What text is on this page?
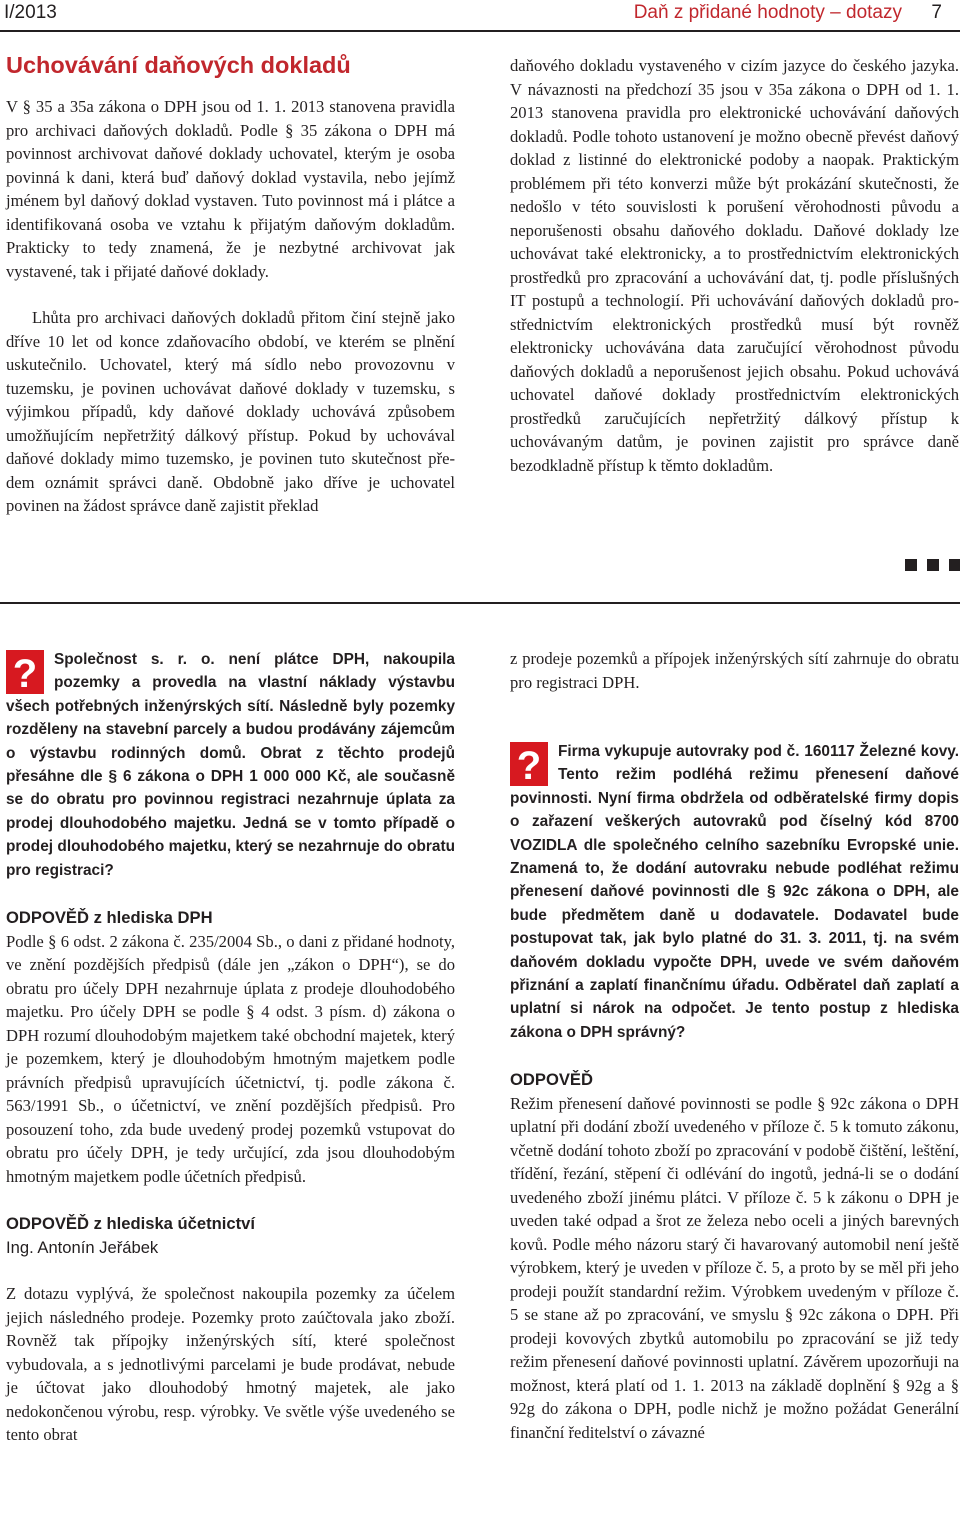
I/2013	Daň z přidané hodnoty – dotazy 7
Uchovávání daňových dokladů

V § 35 a 35a zákona o DPH jsou od 1. 1. 2013 stanovena pravidla pro archivaci daňových dokladů. Podle § 35 zákona o DPH má povinnost archivovat daňové doklady uchovatel, kterým je osoba povinná k dani, která buď daňový doklad vystavila, nebo jejímž jménem byl daňový doklad vystaven. Tuto povinnost má i plátce a identifikovaná osoba ve vztahu k přijatým daňovým dokladům. Prakticky to tedy znamená, že je nezbytné archivovat jak vystavené, tak i přijaté daňové doklady.

Lhůta pro archivaci daňových dokladů přitom činí stejně jako dříve 10 let od konce zdaňovacího období, ve kterém se plnění uskutečnilo. Uchovatel, který má sídlo nebo provozovnu v tuzemsku, je povinen uchovávat daňové doklady v tuzemsku, s výjimkou případů, kdy daňové doklady uchovává způsobem umožňujícím nepřetržitý dálkový přístup. Pokud by uchovával daňové doklady mimo tuzemsko, je povinen tuto skutečnost předem oznámit správci daně. Obdobně jako dříve je uchovatel povinen na žádost správce daně zajistit překlad

daňového dokladu vystaveného v cizím jazyce do českého jazyka. V návaznosti na předchozí 35 jsou v 35a zákona o DPH od 1. 1. 2013 stanovena pravidla pro elektronické uchovávání daňových dokladů. Podle tohoto ustanovení je možno obecně převést daňový doklad z listinné do elektronické podoby a naopak. Praktickým problémem při této konverzi může být prokázání skutečnosti, že nedošlo v této souvislosti k porušení věrohodnosti původu a neporušenosti obsahu daňového dokladu. Daňové doklady lze uchovávat také elektronicky, a to prostřednictvím elektronických prostředků pro zpracování a uchovávání dat, tj. podle příslušných IT postupů a technologií. Při uchovávání daňových dokladů prostřednictvím elektronických prostředků musí být rovněž elektronicky uchovávána data zaručující věrohodnost původu daňových dokladů a neporušenost jejich obsahu. Pokud uchovává uchovatel daňové doklady prostřednictvím elektronických prostředků zaručujících nepřetržitý dálkový přístup k uchovávaným datům, je povinen zajistit pro správce daně bezodkladně přístup k těmto dokladům.

? Společnost s. r. o. není plátce DPH, nakoupila pozemky a provedla na vlastní náklady výstavbu všech potřebných inženýrských sítí. Následně byly pozemky rozděleny na stavební parcely a budou prodávány zájemcům o výstavbu rodinných domů. Obrat z těchto prodejů přesáhne dle § 6 zákona o DPH 1 000 000 Kč, ale současně se do obratu pro povinnou registraci nezahrnuje úplata za prodej dlouhodobého majetku. Jedná se v tomto případě o prodej dlouhodobého majetku, který se nezahrnuje do obratu pro registraci?

ODPOVĚĎ z hlediska DPH

Podle § 6 odst. 2 zákona č. 235/2004 Sb., o dani z přidané hodnoty, ve znění pozdějších předpisů (dále jen „zákon o DPH“), se do obratu pro účely DPH nezahrnuje úplata z prodeje dlouhodobého majetku. Pro účely DPH se podle § 4 odst. 3 písm. d) zákona o DPH rozumí dlouhodobým majetkem také obchodní majetek, který je pozemkem, který je dlouhodobým hmotným majetkem podle právních předpisů upravujících účetnictví, tj. podle zákona č. 563/1991 Sb., o účetnictví, ve znění pozdějších předpisů. Pro posouzení toho, zda bude uvedený prodej pozemků vstupovat do obratu pro účely DPH, je tedy určující, zda jsou dlouhodobým hmotným majetkem podle účetních předpisů.

ODPOVĚĎ z hlediska účetnictví

Ing. Antonín Jeřábek

Z dotazu vyplývá, že společnost nakoupila pozemky za účelem jejich následného prodeje. Pozemky proto zaúčtovala jako zboží. Rovněž tak přípojky inženýrských sítí, které společnost vybudovala, a s jednotlivými parcelami je bude prodávat, nebude je účtovat jako dlouhodobý hmotný majetek, ale jako nedokončenou výrobu, resp. výrobky. Ve světle výše uvedeného se tento obrat

z prodeje pozemků a přípojek inženýrských sítí zahrnuje do obratu pro registraci DPH.

? Firma vykupuje autovraky pod č. 160117 Železné kovy. Tento režim podléhá režimu přenesení daňové povinnosti. Nyní firma obdržela od odběratelské firmy dopis o zařazení veškerých autovraků pod číselný kód 8700 VOZIDLA dle společného celního sazebníku Evropské unie. Znamená to, že dodání autovraku nebude podléhat režimu přenesení daňové povinnosti dle § 92c zákona o DPH, ale bude předmětem daně u dodavatele. Dodavatel bude postupovat tak, jak bylo platné do 31. 3. 2011, tj. na svém daňovém dokladu vypočte DPH, uvede ve svém daňovém přiznání a zaplatí finančnímu úřadu. Odběratel daň zaplatí a uplatní si nárok na odpočet. Je tento postup z hlediska zákona o DPH správný?

ODPOVĚĎ

Režim přenesení daňové povinnosti se podle § 92c zákona o DPH uplatní při dodání zboží uvedeného v příloze č. 5 k tomuto zákonu, včetně dodání tohoto zboží po zpracování v podobě čištění, leštění, třídění, řezání, stěpení či odlévání do ingotů, jedná-li se o dodání uvedeného zboží jinému plátci. V příloze č. 5 k zákonu o DPH je uveden také odpad a šrot ze železa nebo oceli a jiných barevných kovů. Podle mého názoru starý či havarovaný automobil není ještě výrobkem, který je uveden v příloze č. 5, a proto by se měl při jeho prodeji použít standardní režim. Výrobkem uvedeným v příloze č. 5 se stane až po zpracování, ve smyslu § 92c zákona o DPH. Při prodeji kovových zbytků automobilu po zpracování se již tedy režim přenesení daňové povinnosti uplatní. Závěrem upozorňuji na možnost, která platí od 1. 1. 2013 na základě doplnění § 92g a § 92g do zákona o DPH, podle nichž je možno požádat Generální finanční ředitelství o závazné
